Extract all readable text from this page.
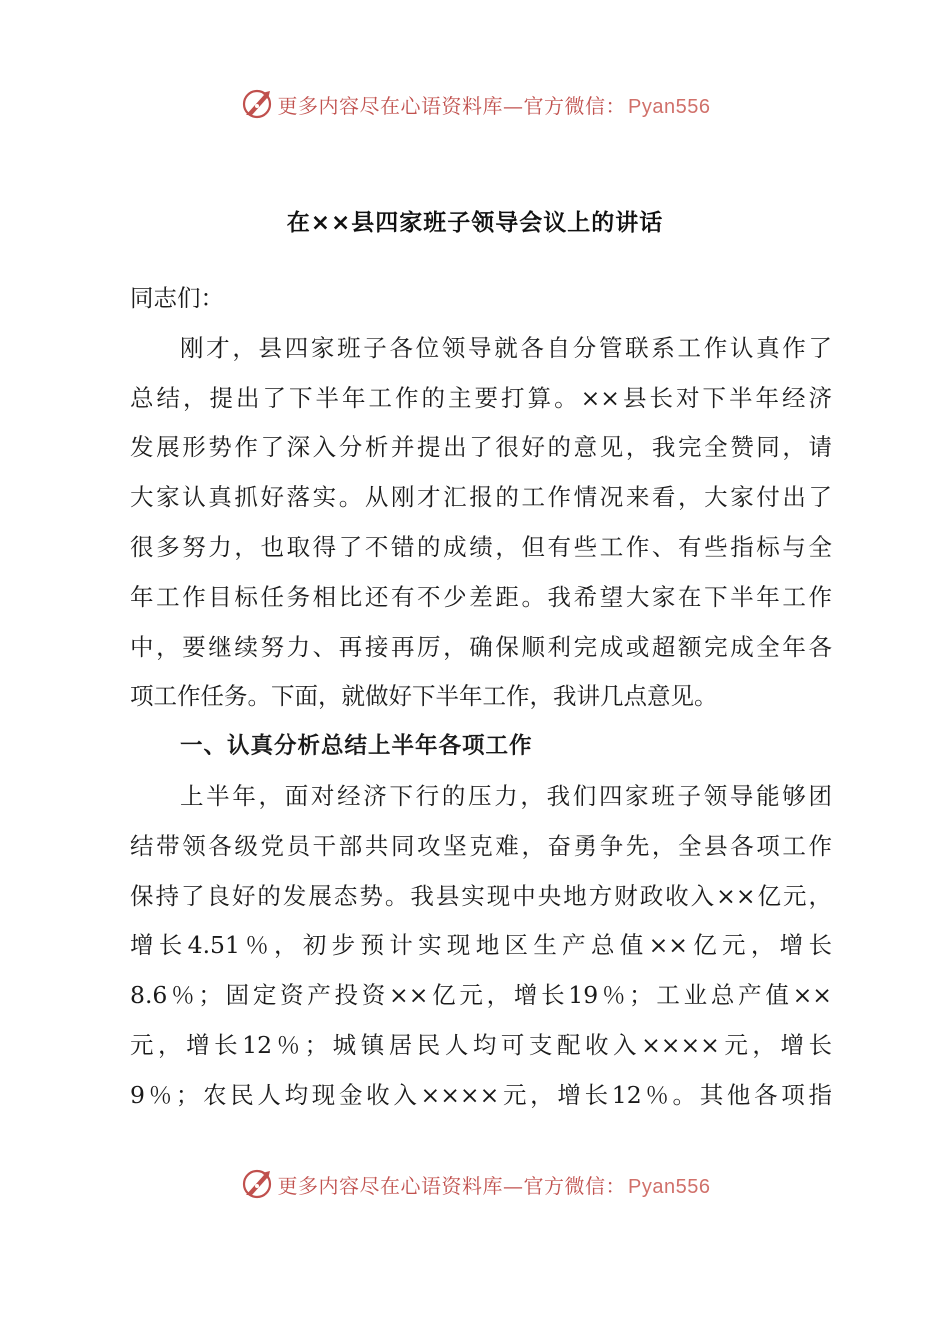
更多内容尽在心语资料库—官方微信： Pyan556
在××县四家班子领导会议上的讲话
同志们：
刚才，县四家班子各位领导就各自分管联系工作认真作了
总结，提出了下半年工作的主要打算。××县长对下半年经济
发展形势作了深入分析并提出了很好的意见，我完全赞同，请
大家认真抓好落实。从刚才汇报的工作情况来看，大家付出了
很多努力，也取得了不错的成绩，但有些工作、有些指标与全
年工作目标任务相比还有不少差距。我希望大家在下半年工作
中，要继续努力、再接再厉，确保顺利完成或超额完成全年各
项工作任务。下面，就做好下半年工作，我讲几点意见。
一、认真分析总结上半年各项工作
上半年，面对经济下行的压力，我们四家班子领导能够团
结带领各级党员干部共同攻坚克难，奋勇争先，全县各项工作
保持了良好的发展态势。我县实现中央地方财政收入××亿元，
增长4.51％，初步预计实现地区生产总值××亿元，增长
8.6％；固定资产投资××亿元，增长19％；工业总产值××
元，增长12％；城镇居民人均可支配收入××××元，增长
9％；农民人均现金收入××××元，增长12％。其他各项指
更多内容尽在心语资料库—官方微信： Pyan556
